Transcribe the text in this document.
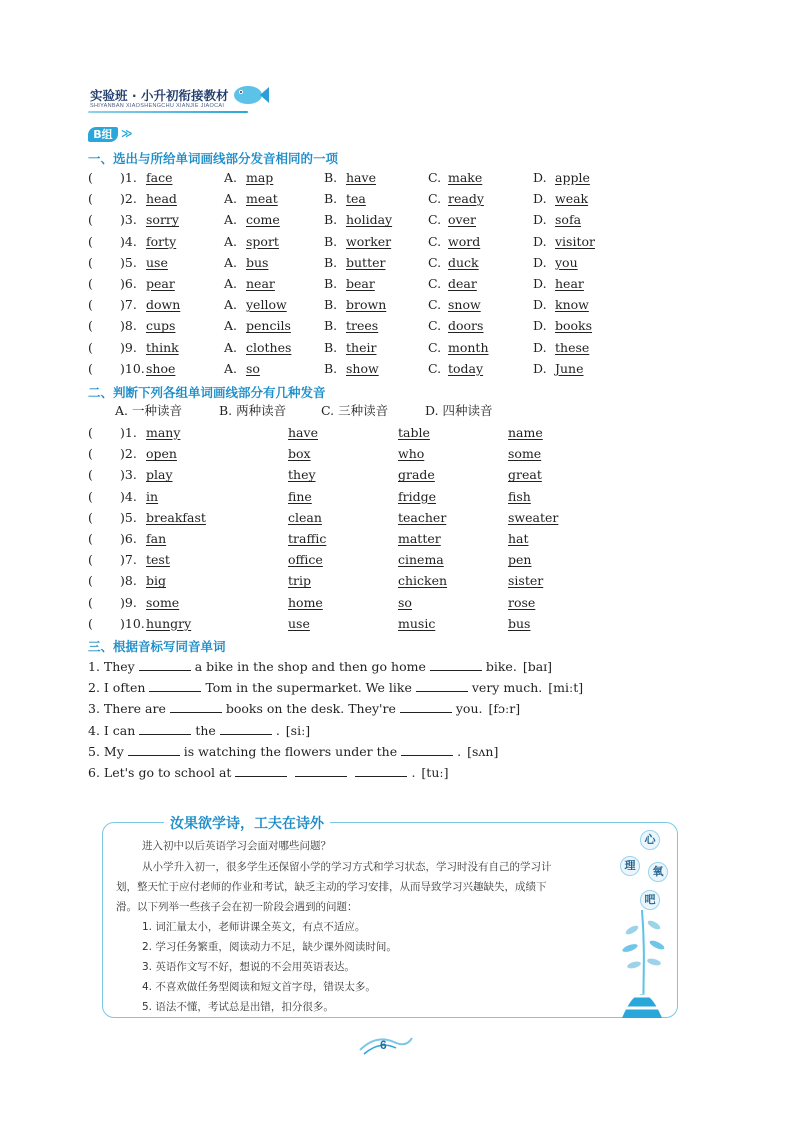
实验班 · 小升初衔接教材
SHIYANBAN XIAOSHENGCHU XIANJIE JIAOCAI
B组 ≫
一、选出与所给单词画线部分发音相同的一项
( )1. face	A. map	B. have	C. make	D. apple
( )2. head	A. meat	B. tea	C. ready	D. weak
( )3. sorry	A. come	B. holiday	C. over	D. sofa
( )4. forty	A. sport	B. worker	C. word	D. visitor
( )5. use	A. bus	B. butter	C. duck	D. you
( )6. pear	A. near	B. bear	C. dear	D. hear
( )7. down	A. yellow	B. brown	C. snow	D. know
( )8. cups	A. pencils	B. trees	C. doors	D. books
( )9. think	A. clothes	B. their	C. month	D. these
( )10. shoe	A. so	B. show	C. today	D. June
二、判断下列各组单词画线部分有几种发音
A. 一种读音	B. 两种读音	C. 三种读音	D. 四种读音
( )1. many	have	table	name
( )2. open	box	who	some
( )3. play	they	grade	great
( )4. in	fine	fridge	fish
( )5. breakfast	clean	teacher	sweater
( )6. fan	traffic	matter	hat
( )7. test	office	cinema	pen
( )8. big	trip	chicken	sister
( )9. some	home	so	rose
( )10. hungry	use	music	bus
三、根据音标写同音单词
1. They	a bike in the shop and then go home	bike. [baɪ]
2. I often	Tom in the supermarket. We like	very much. [miːt]
3. There are	books on the desk. They're	you. [fɔːr]
4. I can	the	. [siː]
5. My	is watching the flowers under the	. [sʌn]
6. Let's go to school at	. [tuː]
汝果欲学诗，工夫在诗外
进入初中以后英语学习会面对哪些问题？
从小学升入初一，很多学生还保留小学的学习方式和学习状态，学习时没有自己的学习计
划，整天忙于应付老师的作业和考试，缺乏主动的学习安排，从而导致学习兴趣缺失，成绩下
滑。以下列举一些孩子会在初一阶段会遇到的问题：
1. 词汇量太小，老师讲课全英文，有点不适应。
2. 学习任务繁重，阅读动力不足，缺少课外阅读时间。
3. 英语作文写不好，想说的不会用英语表达。
4. 不喜欢做任务型阅读和短文首字母，错误太多。
5. 语法不懂，考试总是出错，扣分很多。
心
理	氧
吧
6
